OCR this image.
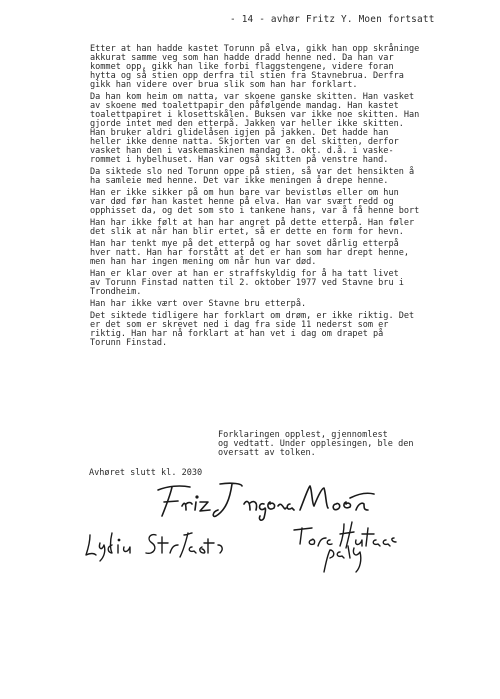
- 14 - avhør Fritz Y. Moen fortsatt
Etter at han hadde kastet Torunn på elva, gikk han opp skråninge
akkurat samme veg som han hadde dradd henne ned. Da han var
kommet opp, gikk han like forbi flaggstengene, videre foran
hytta og så stien opp derfra til stien fra Stavnebrua. Derfra
gikk han videre over brua slik som han har forklart.
Da han kom heim om natta, var skoene ganske skitten. Han vasket
av skoene med toalettpapir den påfølgende mandag. Han kastet
toalettpapiret i klosettskålen. Buksen var ikke noe skitten. Han
gjorde intet med den etterpå. Jakken var heller ikke skitten.
Han bruker aldri glidelåsen igjen på jakken. Det hadde han
heller ikke denne natta. Skjorten var en del skitten, derfor
vasket han den i vaskemaskinen mandag 3. okt. d.å. i vaske-
rommet i hybelhuset. Han var også skitten på venstre hand.
Da siktede slo ned Torunn oppe på stien, så var det hensikten å
ha samleie med henne. Det var ikke meningen å drepe henne.
Han er ikke sikker på om hun bare var bevistløs eller om hun
var død før han kastet henne på elva. Han var svært redd og
opphisset da, og det som sto i tankene hans, var å få henne bort
Han har ikke følt at han har angret på dette etterpå. Han føler
det slik at når han blir ertet, så er dette en form for hevn.
Han har tenkt mye på det etterpå og har sovet dårlig etterpå
hver natt. Han har forstått at det er han som har drept henne,
men han har ingen mening om når hun var død.
Han er klar over at han er straffskyldig for å ha tatt livet
av Torunn Finstad natten til 2. oktober 1977 ved Stavne bru i
Trondheim.
Han har ikke vært over Stavne bru etterpå.
Det siktede tidligere har forklart om drøm, er ikke riktig. Det
er det som er skrevet ned i dag fra side 11 nederst som er
riktig. Han har nå forklart at han vet i dag om drapet på
Torunn Finstad.
Forklaringen opplest, gjennomlest
og vedtatt. Under opplesingen, ble den
oversatt av tolken.
Avhøret slutt kl. 2030
